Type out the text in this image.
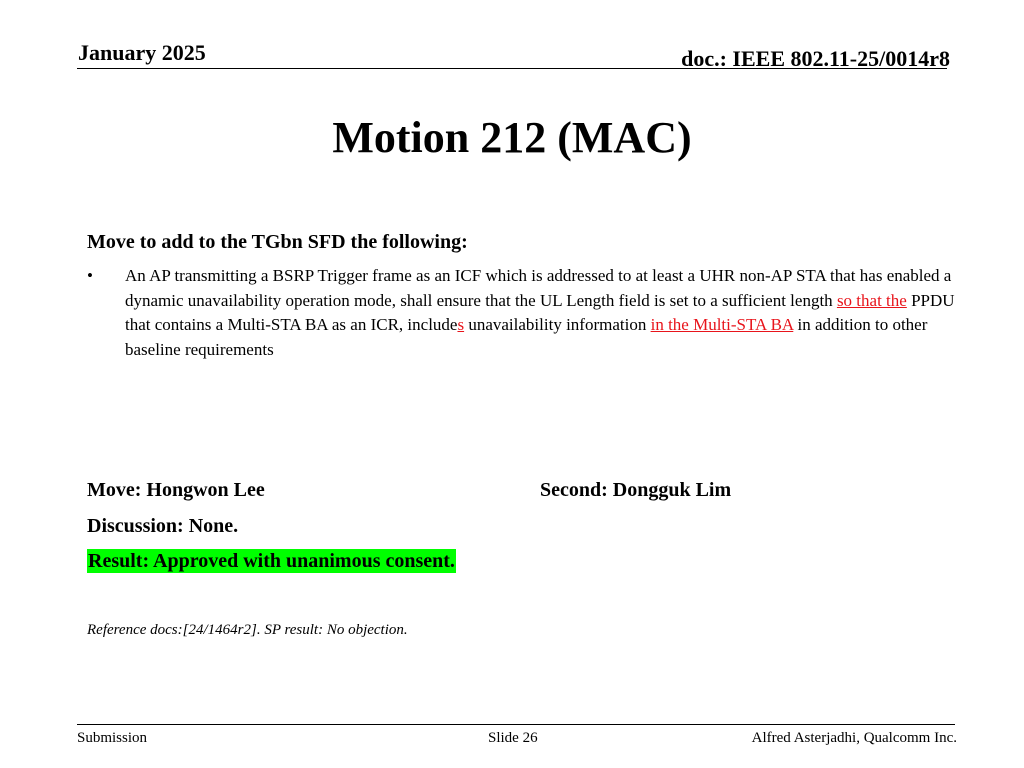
January 2025	doc.: IEEE 802.11-25/0014r8
Motion 212 (MAC)
Move to add to the TGbn SFD the following:
• An AP transmitting a BSRP Trigger frame as an ICF which is addressed to at least a UHR non-AP STA that has enabled a dynamic unavailability operation mode, shall ensure that the UL Length field is set to a sufficient length so that the PPDU that contains a Multi-STA BA as an ICR, includes unavailability information in the Multi-STA BA in addition to other baseline requirements
Move: Hongwon Lee	Second: Dongguk Lim
Discussion: None.
Result: Approved with unanimous consent.
Reference docs:[24/1464r2]. SP result: No objection.
Submission	Slide 26	Alfred Asterjadhi, Qualcomm Inc.
